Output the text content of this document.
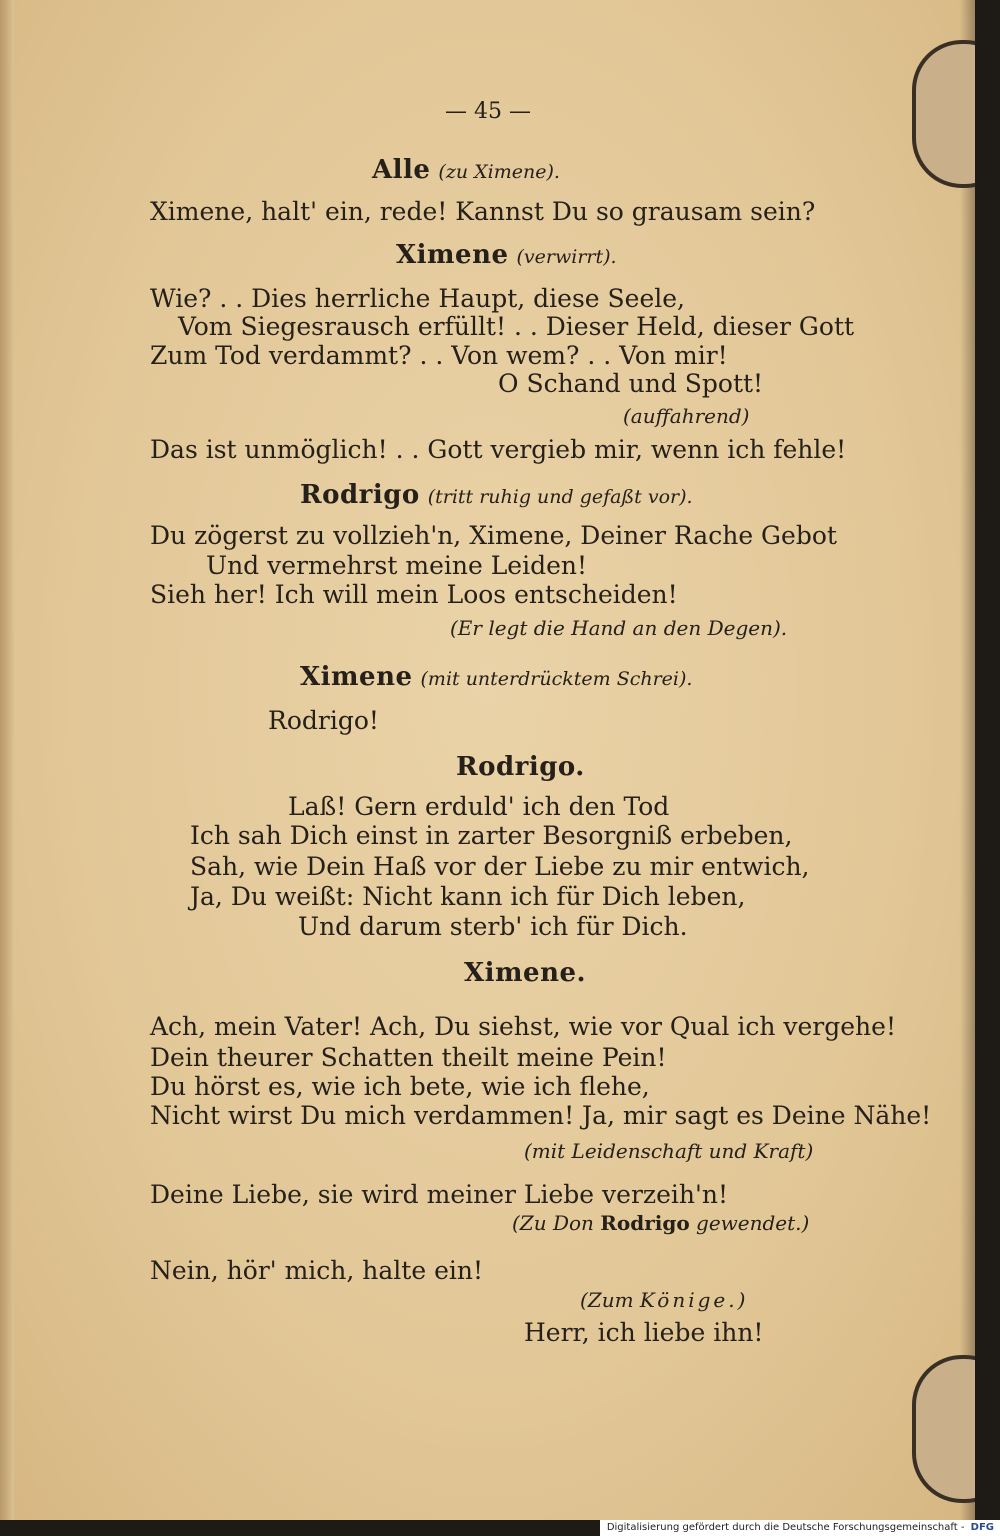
— 45 —
Alle (zu Ximene).
Ximene, halt' ein, rede! Kannst Du so grausam sein?
Ximene (verwirrt).
Wie? . . Dies herrliche Haupt, diese Seele,
Vom Siegesrausch erfüllt! . . Dieser Held, dieser Gott
Zum Tod verdammt? . . Von wem? . . Von mir!
O Schand und Spott!
(auffahrend)
Das ist unmöglich! . . Gott vergieb mir, wenn ich fehle!
Rodrigo (tritt ruhig und gefaßt vor).
Du zögerst zu vollzieh'n, Ximene, Deiner Rache Gebot
Und vermehrst meine Leiden!
Sieh her! Ich will mein Loos entscheiden!
(Er legt die Hand an den Degen).
Ximene (mit unterdrücktem Schrei).
Rodrigo!
Rodrigo.
Laß! Gern erduld' ich den Tod
Ich sah Dich einst in zarter Besorgniß erbeben,
Sah, wie Dein Haß vor der Liebe zu mir entwich,
Ja, Du weißt: Nicht kann ich für Dich leben,
Und darum sterb' ich für Dich.
Ximene.
Ach, mein Vater! Ach, Du siehst, wie vor Qual ich vergehe!
Dein theurer Schatten theilt meine Pein!
Du hörst es, wie ich bete, wie ich flehe,
Nicht wirst Du mich verdammen! Ja, mir sagt es Deine Nähe!
(mit Leidenschaft und Kraft)
Deine Liebe, sie wird meiner Liebe verzeih'n!
(Zu Don Rodrigo gewendet.)
Nein, hör' mich, halte ein!
(Zum Könige.)
Herr, ich liebe ihn!
Digitalisierung gefördert durch die Deutsche Forschungsgemeinschaft - DFG
